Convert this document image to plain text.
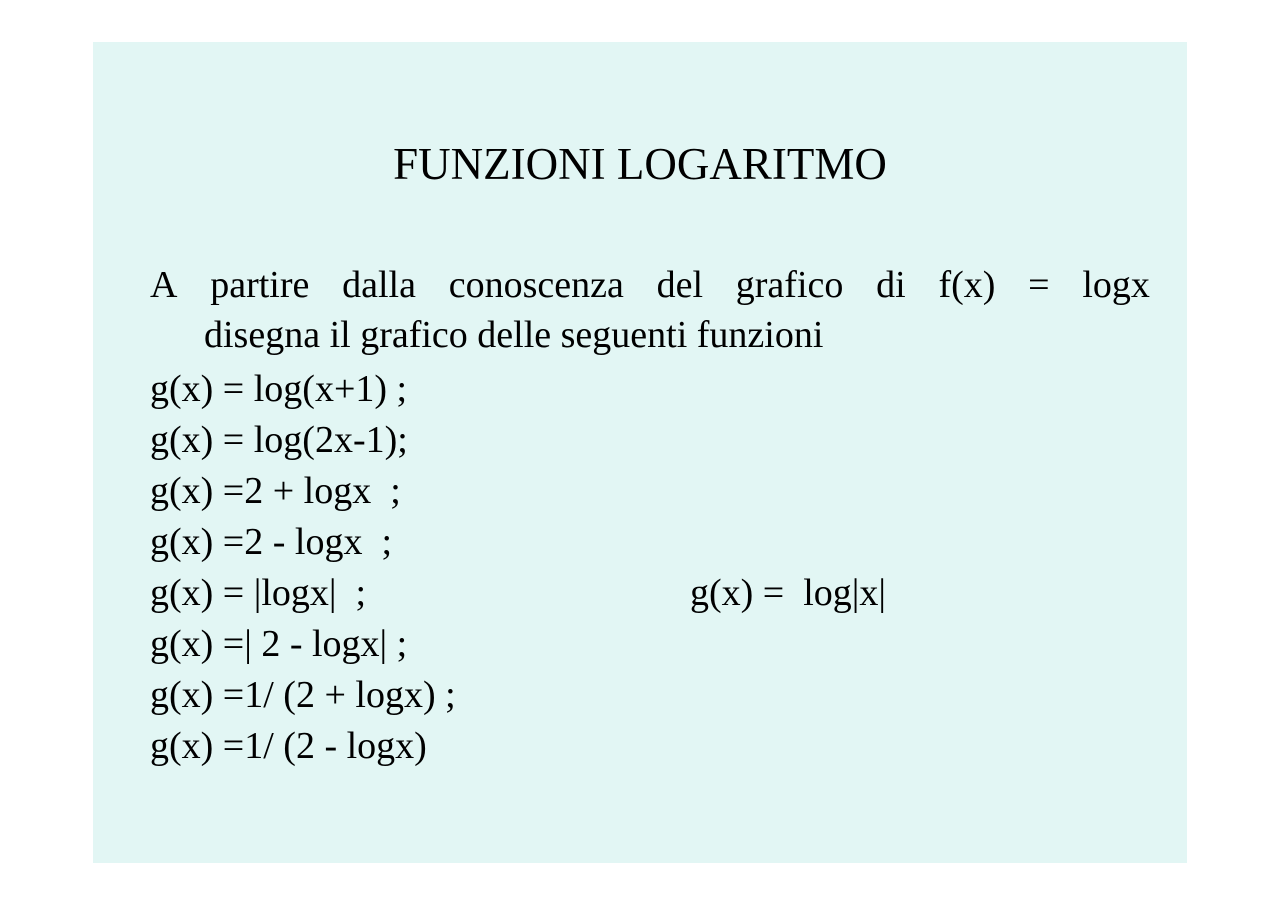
FUNZIONI LOGARITMO
A partire dalla conoscenza del grafico di f(x) = logx
disegna il grafico delle seguenti funzioni
g(x) = log(x+1) ;
g(x) = log(2x-1);
g(x) =2 + logx  ;
g(x) =2 - logx  ;
g(x) = |logx|  ;	g(x) =  log|x|
g(x) =| 2 - logx| ;
g(x) =1/ (2 + logx) ;
g(x) =1/ (2 - logx)
